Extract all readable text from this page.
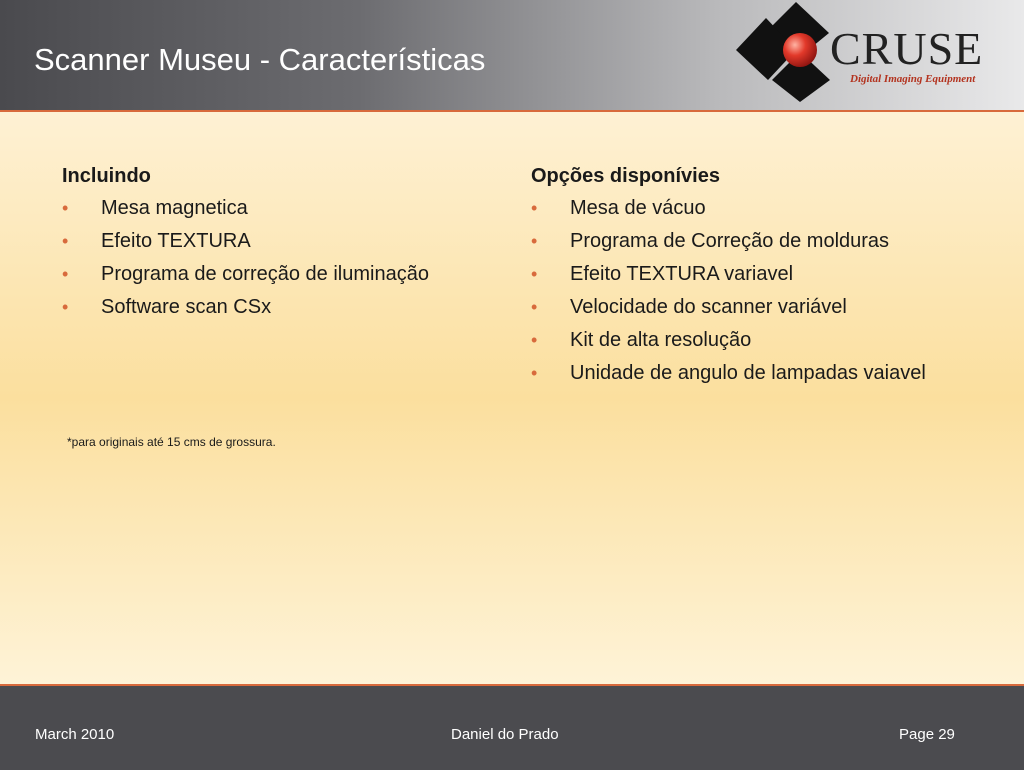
Scanner Museu - Características	CRUSE
Digital Imaging Equipment
Incluindo
• Mesa magnetica
• Efeito TEXTURA
• Programa de correção de iluminação
• Software scan CSx
Opções disponívies
• Mesa de vácuo
• Programa de Correção de molduras
• Efeito TEXTURA variavel
• Velocidade do scanner variável
• Kit de alta resolução
• Unidade de angulo de lampadas vaiavel
*para originais até 15 cms de grossura.
March 2010	Daniel do Prado	Page 29
